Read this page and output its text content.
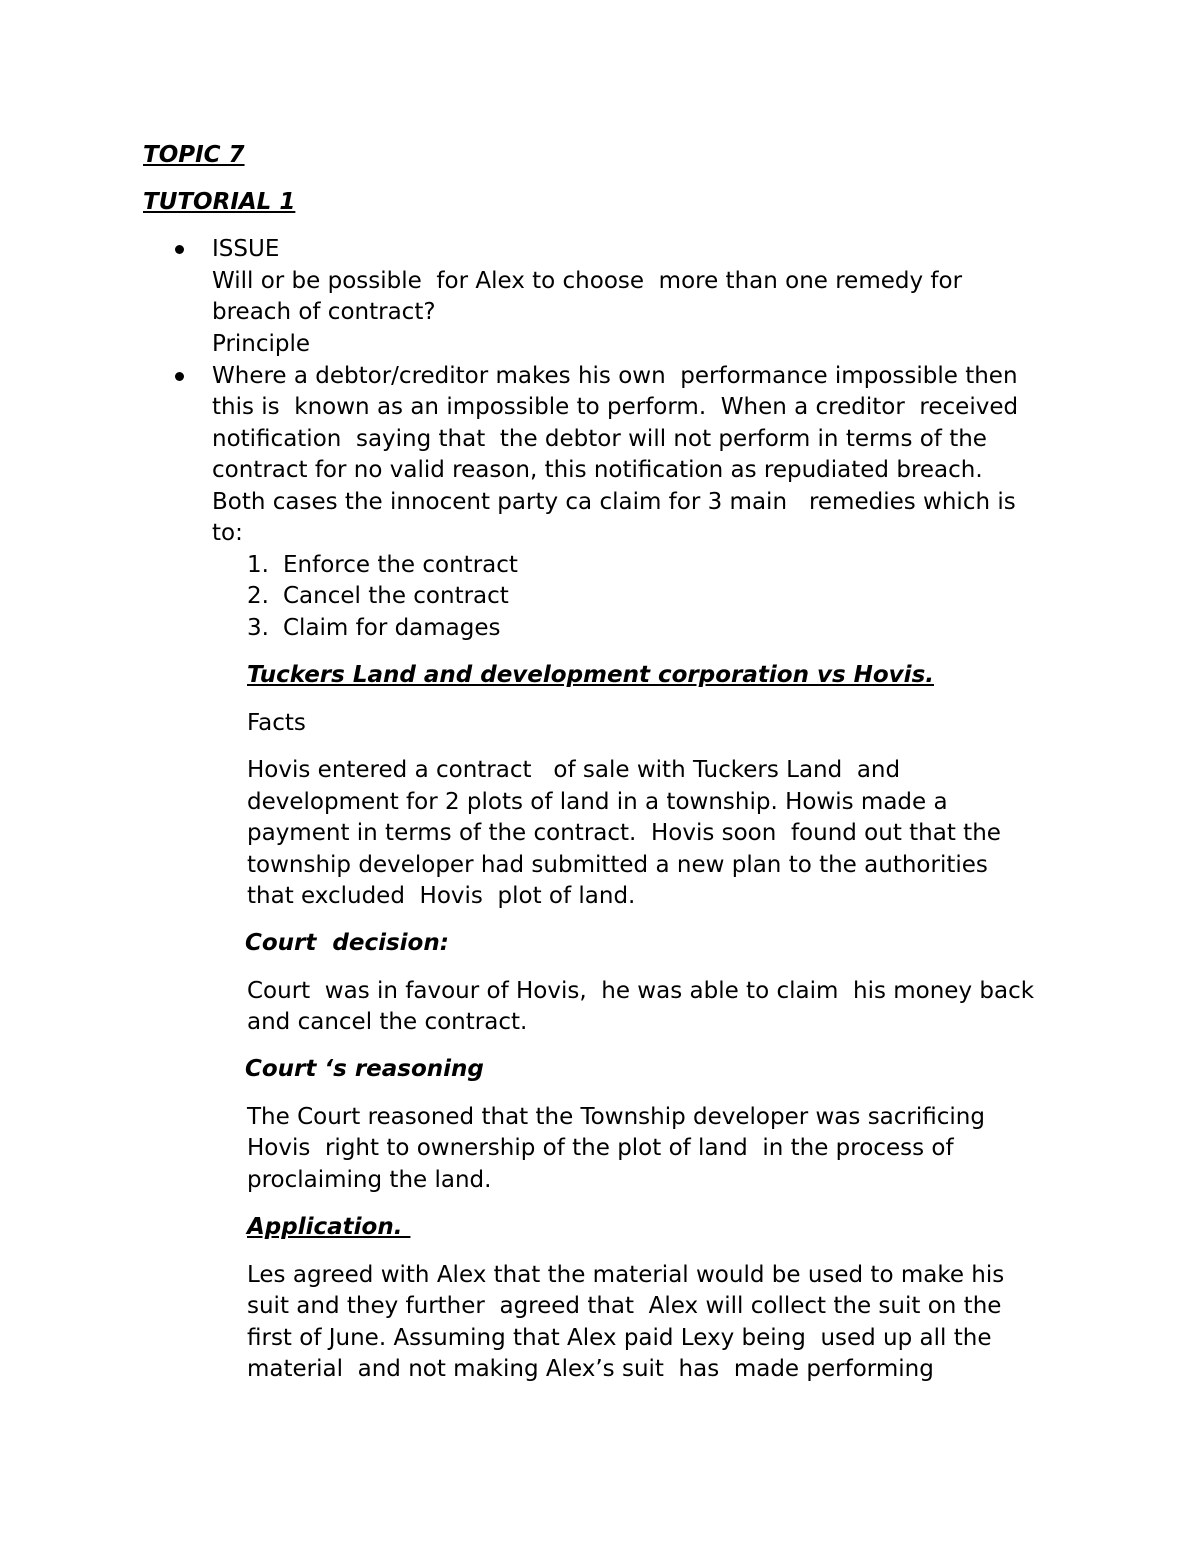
TOPIC 7
TUTORIAL 1
ISSUE
Will or be possible  for Alex to choose  more than one remedy for
breach of contract?
Principle
Where a debtor/creditor makes his own  performance impossible then
this is  known as an impossible to perform.  When a creditor  received
notification  saying that  the debtor will not perform in terms of the
contract for no valid reason, this notification as repudiated breach.
Both cases the innocent party ca claim for 3 main   remedies which is
to:
1. Enforce the contract
2. Cancel the contract
3. Claim for damages
Tuckers Land and development corporation vs Hovis.
Facts
Hovis entered a contract   of sale with Tuckers Land  and
development for 2 plots of land in a township. Howis made a
payment in terms of the contract.  Hovis soon  found out that the
township developer had submitted a new plan to the authorities
that excluded  Hovis  plot of land.
Court  decision:
Court  was in favour of Hovis,  he was able to claim  his money back
and cancel the contract.
Court ‘s reasoning
The Court reasoned that the Township developer was sacrificing
Hovis  right to ownership of the plot of land  in the process of
proclaiming the land.
Application.
Les agreed with Alex that the material would be used to make his
suit and they further  agreed that  Alex will collect the suit on the
first of June. Assuming that Alex paid Lexy being  used up all the
material  and not making Alex’s suit  has  made performing
